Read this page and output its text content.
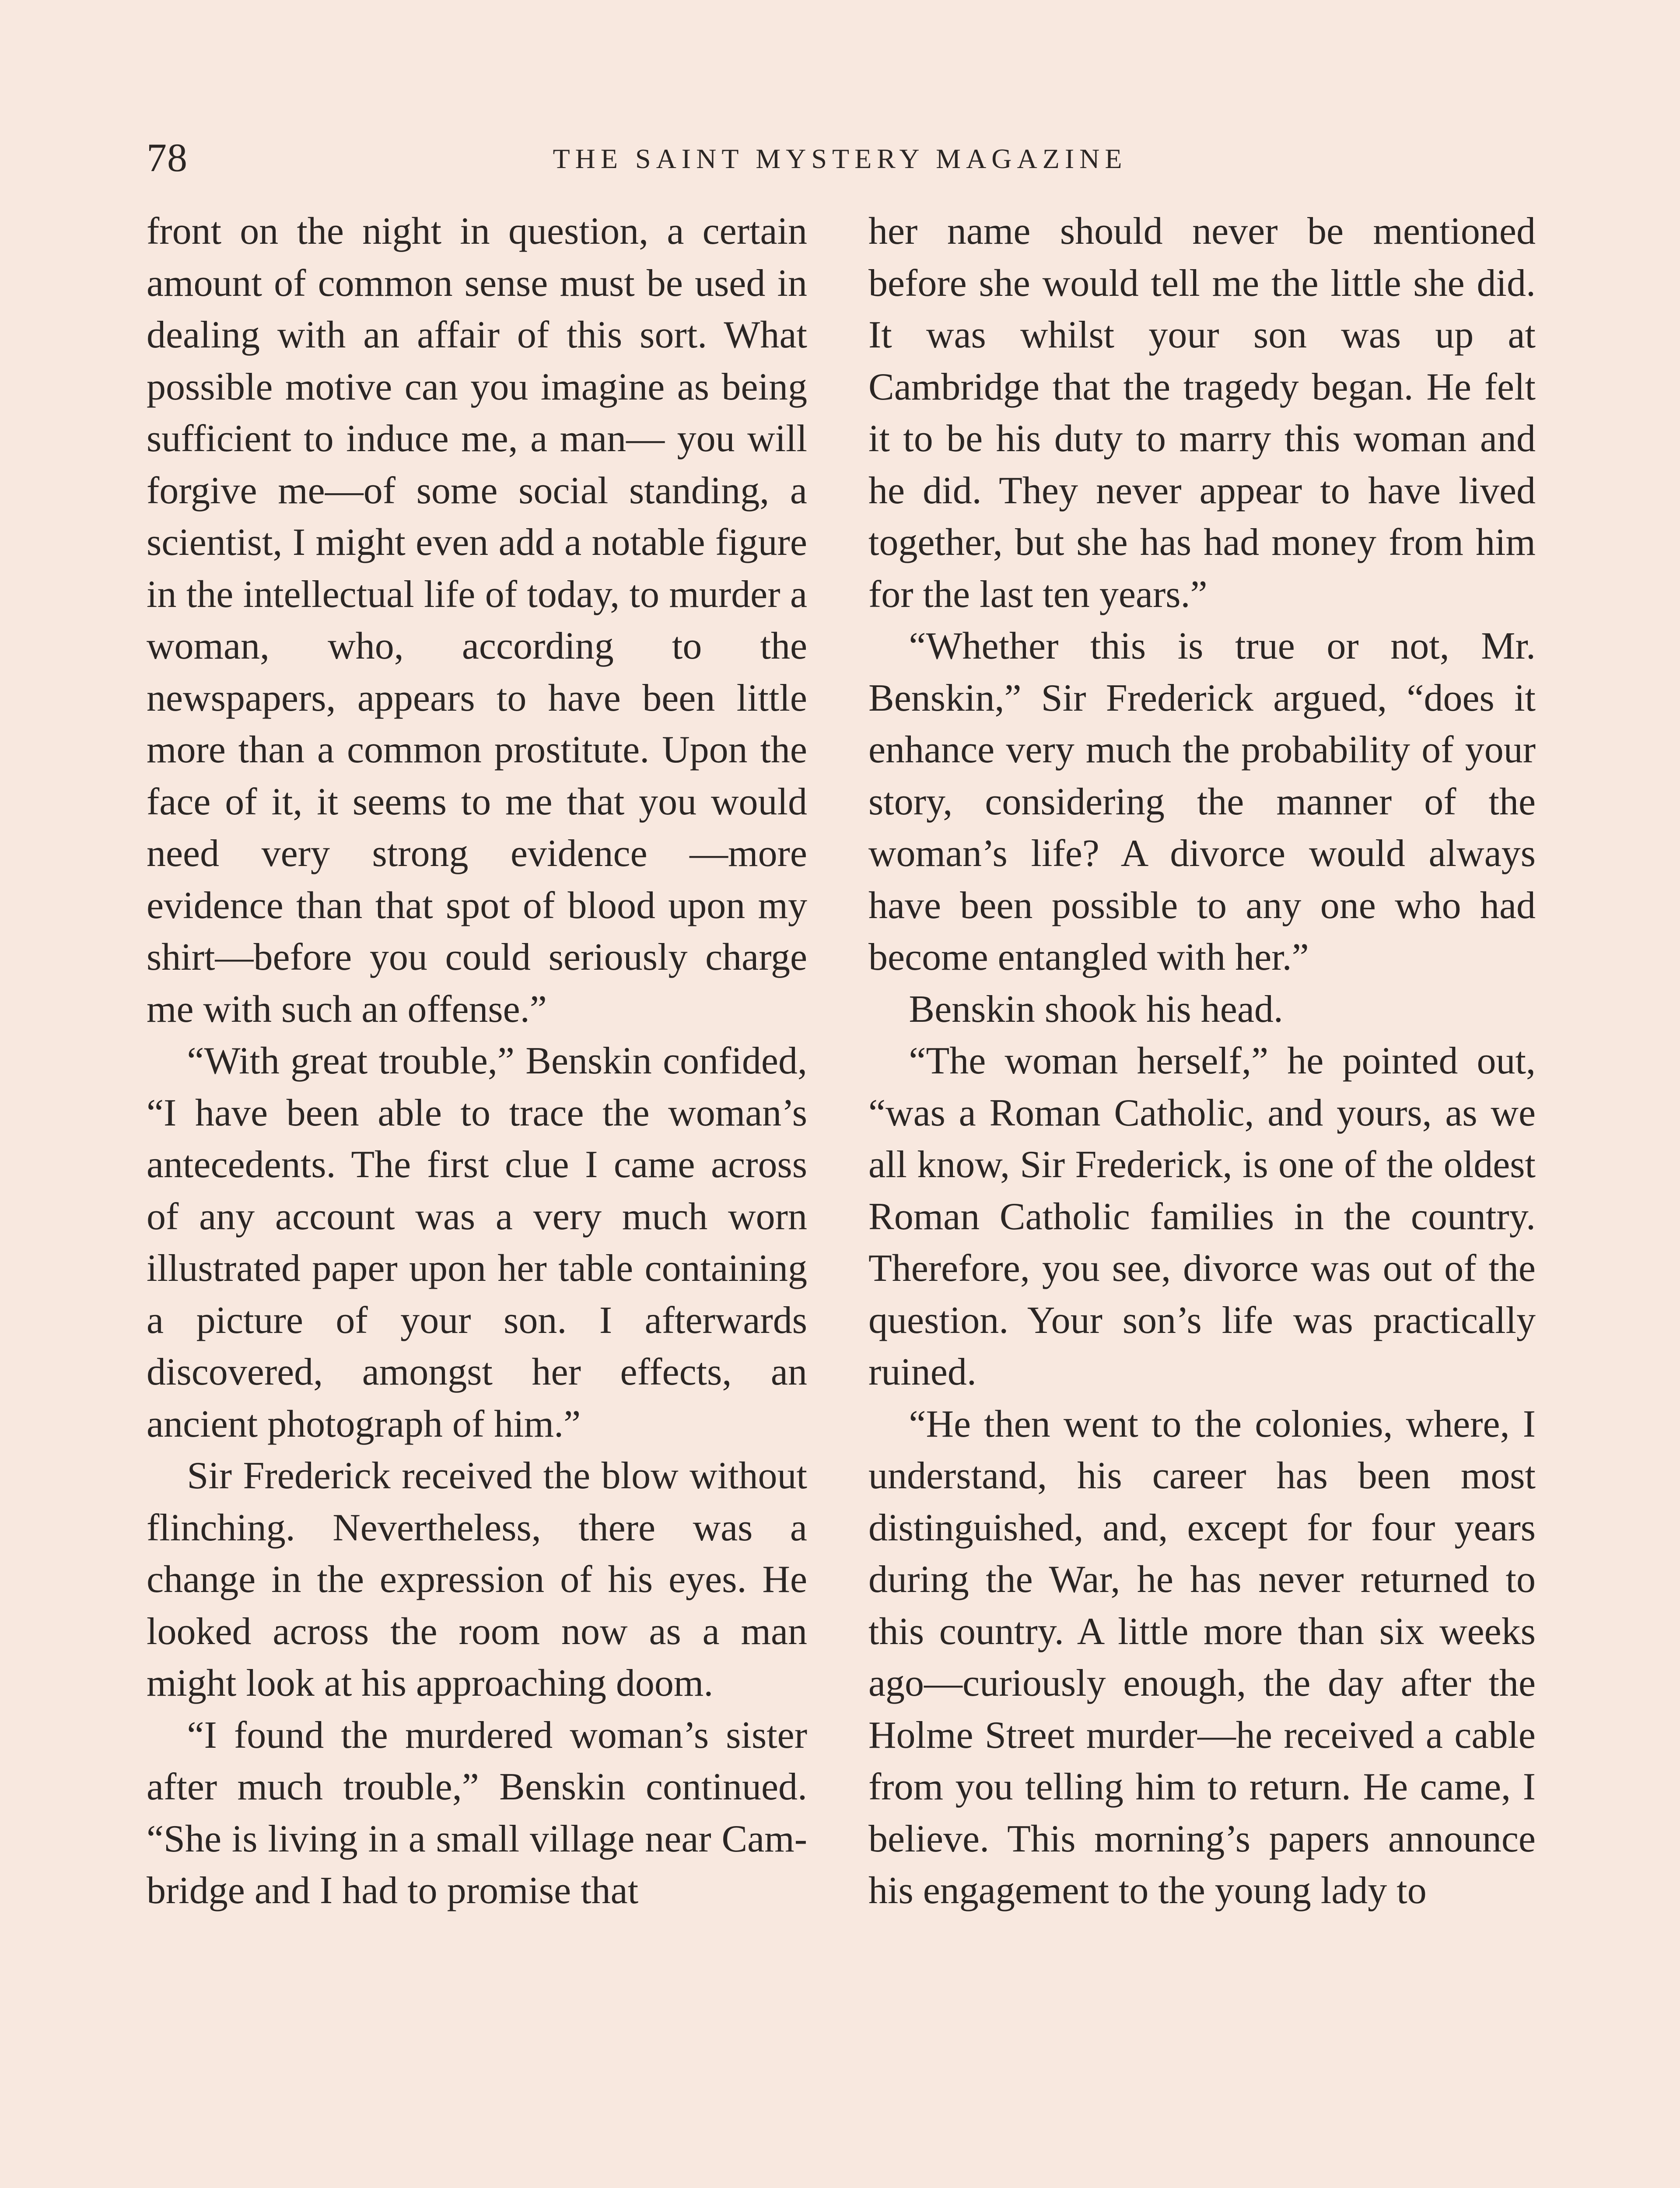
78	THE SAINT MYSTERY MAGAZINE

front on the night in question, a certain amount of common sense must be used in dealing with an affair of this sort. What possible motive can you imagine as being sufficient to induce me, a man— you will forgive me—of some social standing, a scientist, I might even add a notable figure in the intellectual life of today, to murder a woman, who, according to the newspapers, appears to have been little more than a common prostitute. Upon the face of it, it seems to me that you would need very strong evidence —more evidence than that spot of blood upon my shirt—before you could seriously charge me with such an offense.”

“With great trouble,” Benskin confided, “I have been able to trace the woman’s antecedents. The first clue I came across of any account was a very much worn illustrated paper upon her table containing a picture of your son. I afterwards discovered, amongst her effects, an ancient photograph of him.”

Sir Frederick received the blow without flinching. Nevertheless, there was a change in the expression of his eyes. He looked across the room now as a man might look at his approaching doom.

“I found the murdered woman’s sister after much trouble,” Benskin continued. “She is living in a small village near Cambridge and I had to promise that

her name should never be mentioned before she would tell me the little she did. It was whilst your son was up at Cambridge that the tragedy began. He felt it to be his duty to marry this woman and he did. They never appear to have lived together, but she has had money from him for the last ten years.”

“Whether this is true or not, Mr. Benskin,” Sir Frederick argued, “does it enhance very much the probability of your story, considering the manner of the woman’s life? A divorce would always have been possible to any one who had become entangled with her.”

Benskin shook his head.

“The woman herself,” he pointed out, “was a Roman Catholic, and yours, as we all know, Sir Frederick, is one of the oldest Roman Catholic families in the country. Therefore, you see, divorce was out of the question. Your son’s life was practically ruined.

“He then went to the colonies, where, I understand, his career has been most distinguished, and, except for four years during the War, he has never returned to this country. A little more than six weeks ago—curiously enough, the day after the Holme Street murder—he received a cable from you telling him to return. He came, I believe. This morning’s papers announce his engagement to the young lady to
